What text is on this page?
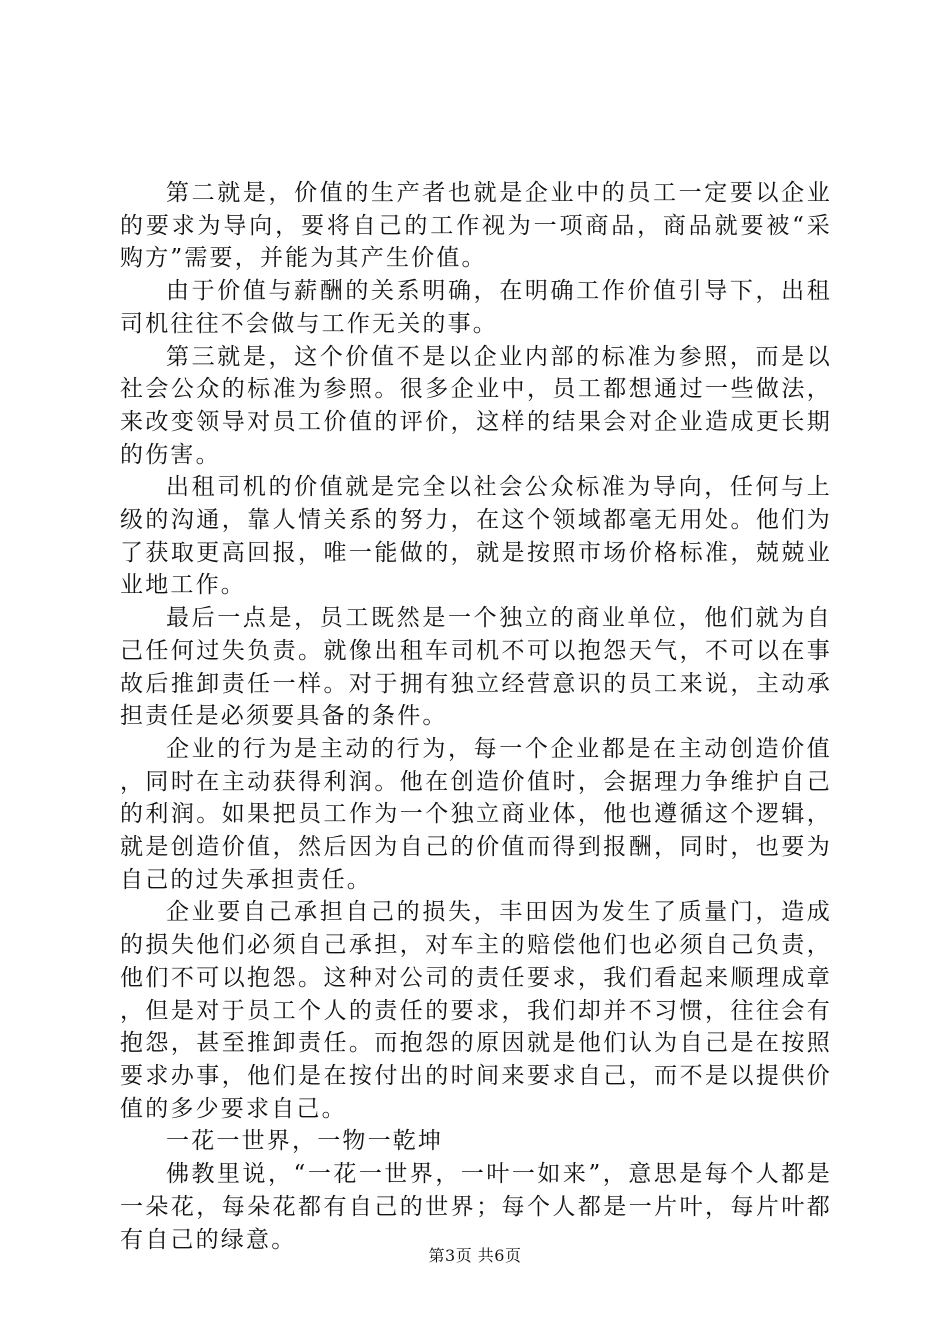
第二就是，价值的生产者也就是企业中的员工一定要以企业的要求为导向，要将自己的工作视为一项商品，商品就要被“采购方”需要，并能为其产生价值。

由于价值与薪酬的关系明确，在明确工作价值引导下，出租司机往往不会做与工作无关的事。

第三就是，这个价值不是以企业内部的标准为参照，而是以社会公众的标准为参照。很多企业中，员工都想通过一些做法，来改变领导对员工价值的评价，这样的结果会对企业造成更长期的伤害。

出租司机的价值就是完全以社会公众标准为导向，任何与上级的沟通，靠人情关系的努力，在这个领域都毫无用处。他们为了获取更高回报，唯一能做的，就是按照市场价格标准，兢兢业业地工作。

最后一点是，员工既然是一个独立的商业单位，他们就为自己任何过失负责。就像出租车司机不可以抱怨天气，不可以在事故后推卸责任一样。对于拥有独立经营意识的员工来说，主动承担责任是必须要具备的条件。

企业的行为是主动的行为，每一个企业都是在主动创造价值，同时在主动获得利润。他在创造价值时，会据理力争维护自己的利润。如果把员工作为一个独立商业体，他也遵循这个逻辑，就是创造价值，然后因为自己的价值而得到报酬，同时，也要为自己的过失承担责任。

企业要自己承担自己的损失，丰田因为发生了质量门，造成的损失他们必须自己承担，对车主的赔偿他们也必须自己负责，他们不可以抱怨。这种对公司的责任要求，我们看起来顺理成章，但是对于员工个人的责任的要求，我们却并不习惯，往往会有抱怨，甚至推卸责任。而抱怨的原因就是他们认为自己是在按照要求办事，他们是在按付出的时间来要求自己，而不是以提供价值的多少要求自己。

一花一世界，一物一乾坤

佛教里说，“一花一世界，一叶一如来”，意思是每个人都是一朵花，每朵花都有自己的世界；每个人都是一片叶，每片叶都有自己的绿意。

第3页 共6页
